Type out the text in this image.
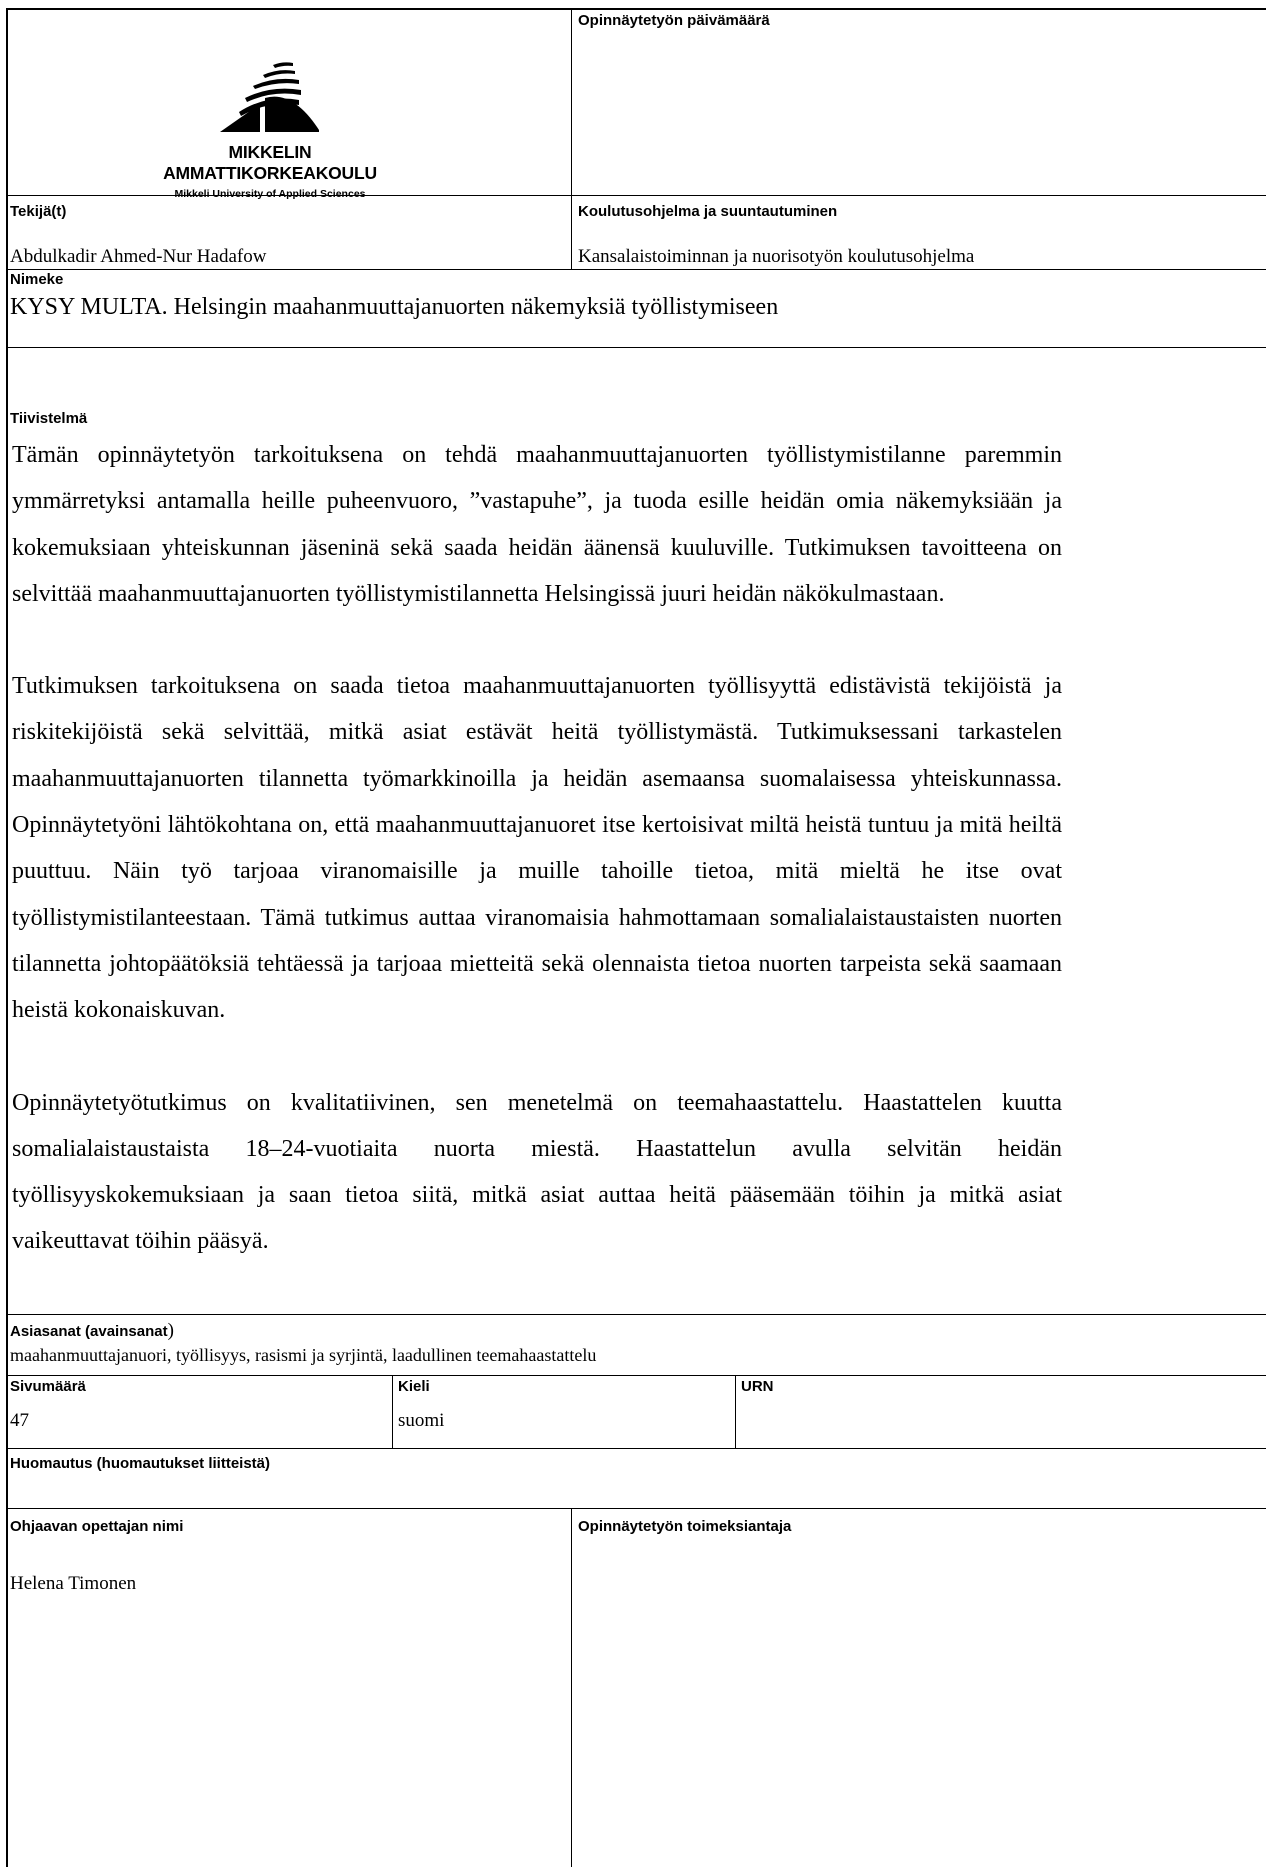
MIKKELIN AMMATTIKORKEAKOULU
Mikkeli University of Applied Sciences
Opinnäytetyön päivämäärä
Tekijä(t)
Abdulkadir Ahmed-Nur Hadafow
Koulutusohjelma ja suuntautuminen
Kansalaistoiminnan ja nuorisotyön koulutusohjelma
Nimeke
KYSY MULTA. Helsingin maahanmuuttajanuorten näkemyksiä työllistymiseen
Tiivistelmä

Tämän opinnäytetyön tarkoituksena on tehdä maahanmuuttajanuorten työllistymistilanne paremmin ymmärretyksi antamalla heille puheenvuoro, ”vastapuhe”, ja tuoda esille heidän omia näkemyksiään ja kokemuksiaan yhteiskunnan jäseninä sekä saada heidän äänensä kuuluville. Tutkimuksen tavoitteena on selvittää maahanmuuttajanuorten työllistymistilannetta Helsingissä juuri heidän näkökulmastaan.

Tutkimuksen tarkoituksena on saada tietoa maahanmuuttajanuorten työllisyyttä edistävistä tekijöistä ja riskitekijöistä sekä selvittää, mitkä asiat estävät heitä työllistymästä. Tutkimuksessani tarkastelen maahanmuuttajanuorten tilannetta työmarkkinoilla ja heidän asemaansa suomalaisessa yhteiskunnassa. Opinnäytetyöni lähtökohtana on, että maahanmuuttajanuoret itse kertoisivat miltä heistä tuntuu ja mitä heiltä puuttuu. Näin työ tarjoaa viranomaisille ja muille tahoille tietoa, mitä mieltä he itse ovat työllistymistilanteestaan. Tämä tutkimus auttaa viranomaisia hahmottamaan somalialaistaustaisten nuorten tilannetta johtopäätöksiä tehtäessä ja tarjoaa mietteitä sekä olennaista tietoa nuorten tarpeista sekä saamaan heistä kokonaiskuvan.

Opinnäytetyötutkimus on kvalitatiivinen, sen menetelmä on teemahaastattelu. Haastattelen kuutta somalialaistaustaista 18–24-vuotiaita nuorta miestä. Haastattelun avulla selvitän heidän työllisyyskokemuksiaan ja saan tietoa siitä, mitkä asiat auttaa heitä pääsemään töihin ja mitkä asiat vaikeuttavat töihin pääsyä.

Asiasanat (avainsanat)
maahanmuuttajanuori, työllisyys, rasismi ja syrjintä, laadullinen teemahaastattelu
Sivumäärä
47
Kieli
suomi
URN
Huomautus (huomautukset liitteistä)
Ohjaavan opettajan nimi
Helena Timonen
Opinnäytetyön toimeksiantaja
